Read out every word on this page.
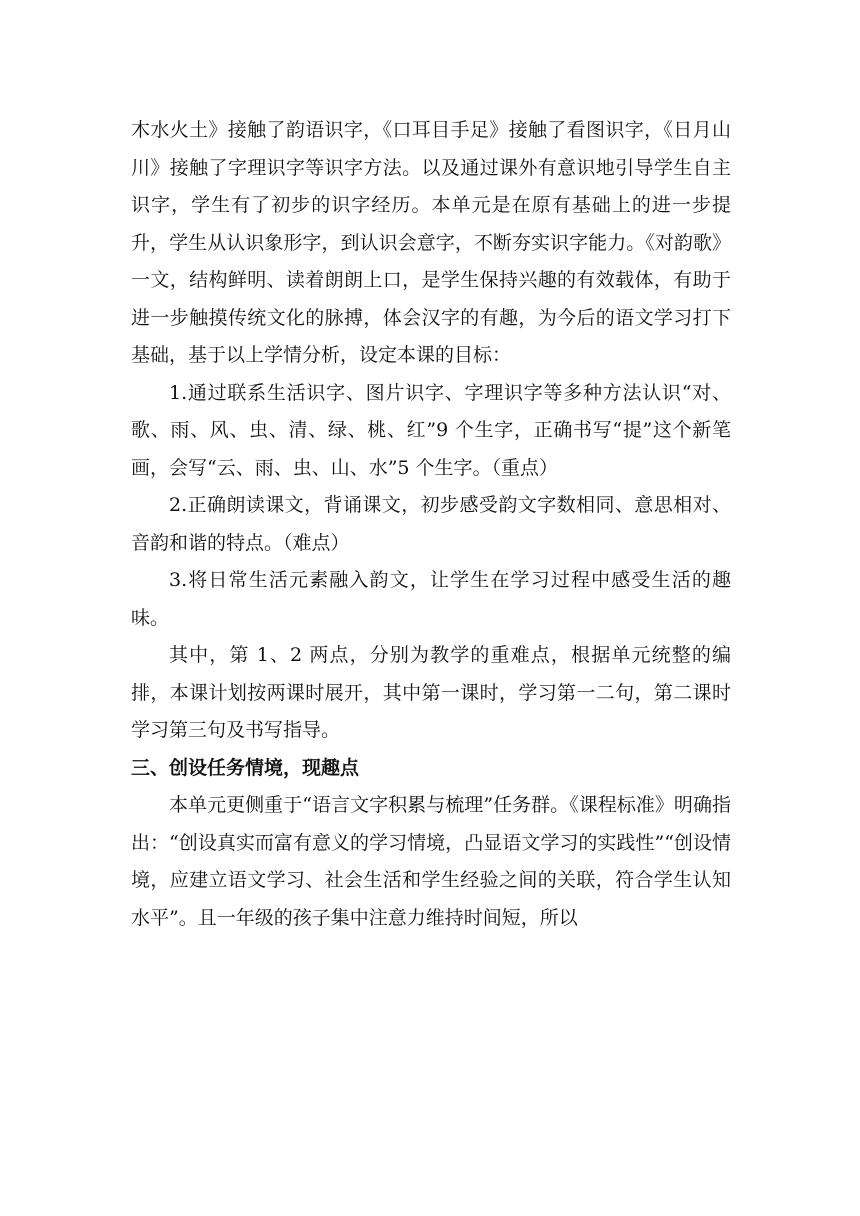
木水火土》接触了韵语识字，《口耳目手足》接触了看图识字，《日月山川》接触了字理识字等识字方法。以及通过课外有意识地引导学生自主识字，学生有了初步的识字经历。本单元是在原有基础上的进一步提升，学生从认识象形字，到认识会意字，不断夯实识字能力。《对韵歌》一文，结构鲜明、读着朗朗上口，是学生保持兴趣的有效载体，有助于进一步触摸传统文化的脉搏，体会汉字的有趣，为今后的语文学习打下基础，基于以上学情分析，设定本课的目标：

1.通过联系生活识字、图片识字、字理识字等多种方法认识“对、歌、雨、风、虫、清、绿、桃、红”9 个生字，正确书写“提”这个新笔画，会写“云、雨、虫、山、水”5 个生字。（重点）

2.正确朗读课文，背诵课文，初步感受韵文字数相同、意思相对、音韵和谐的特点。（难点）

3.将日常生活元素融入韵文，让学生在学习过程中感受生活的趣味。

其中，第 1、2 两点，分别为教学的重难点，根据单元统整的编排，本课计划按两课时展开，其中第一课时，学习第一二句，第二课时学习第三句及书写指导。

三、创设任务情境，现趣点

本单元更侧重于“语言文字积累与梳理”任务群。《课程标准》明确指出：“创设真实而富有意义的学习情境，凸显语文学习的实践性”“创设情境，应建立语文学习、社会生活和学生经验之间的关联，符合学生认知水平”。且一年级的孩子集中注意力维持时间短，所以
